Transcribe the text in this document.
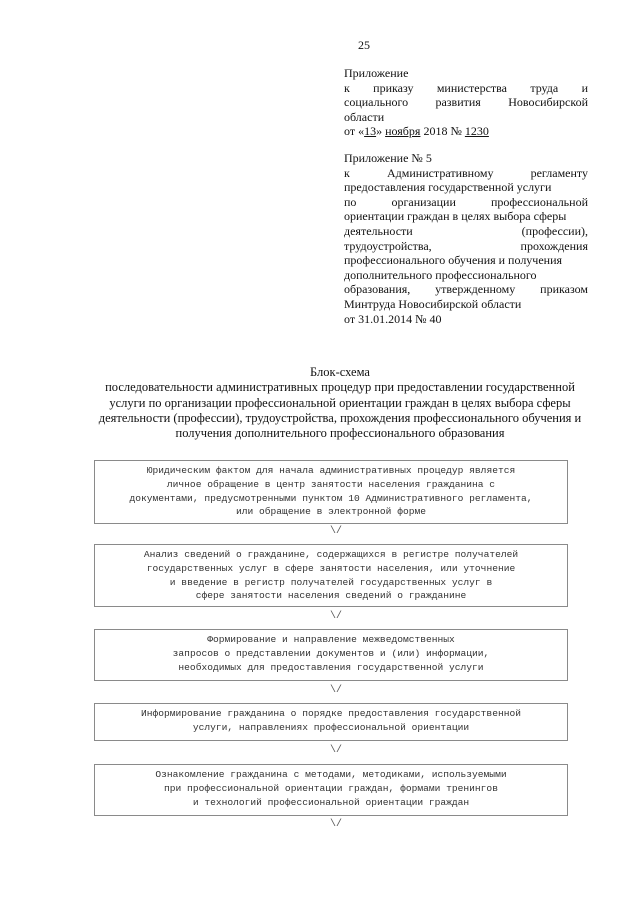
25
Приложение
к приказу министерства труда и
социального развития Новосибирской
области
от «13» ноября 2018 № 1230
Приложение № 5
к Административному регламенту
предоставления государственной услуги
по организации профессиональной
ориентации граждан в целях выбора сферы
деятельности (профессии),
трудоустройства, прохождения
профессионального обучения и получения
дополнительного профессионального
образования, утвержденному приказом
Минтруда Новосибирской области
от 31.01.2014 № 40
Блок-схема
последовательности административных процедур при предоставлении государственной
услуги по организации профессиональной ориентации граждан в целях выбора сферы
деятельности (профессии), трудоустройства, прохождения профессионального обучения и
получения дополнительного профессионального образования
Юридическим фактом для начала административных процедур является
личное обращение в центр занятости населения гражданина с
документами, предусмотренными пунктом 10 Административного регламента,
или обращение в электронной форме
\/
Анализ сведений о гражданине, содержащихся в регистре получателей
государственных услуг в сфере занятости населения, или уточнение
и введение в регистр получателей государственных услуг в
сфере занятости населения сведений о гражданине
\/
Формирование и направление межведомственных
запросов о представлении документов и (или) информации,
необходимых для предоставления государственной услуги
\/
Информирование гражданина о порядке предоставления государственной
услуги, направлениях профессиональной ориентации
\/
Ознакомление гражданина с методами, методиками, используемыми
при профессиональной ориентации граждан, формами тренингов
и технологий профессиональной ориентации граждан
\/
